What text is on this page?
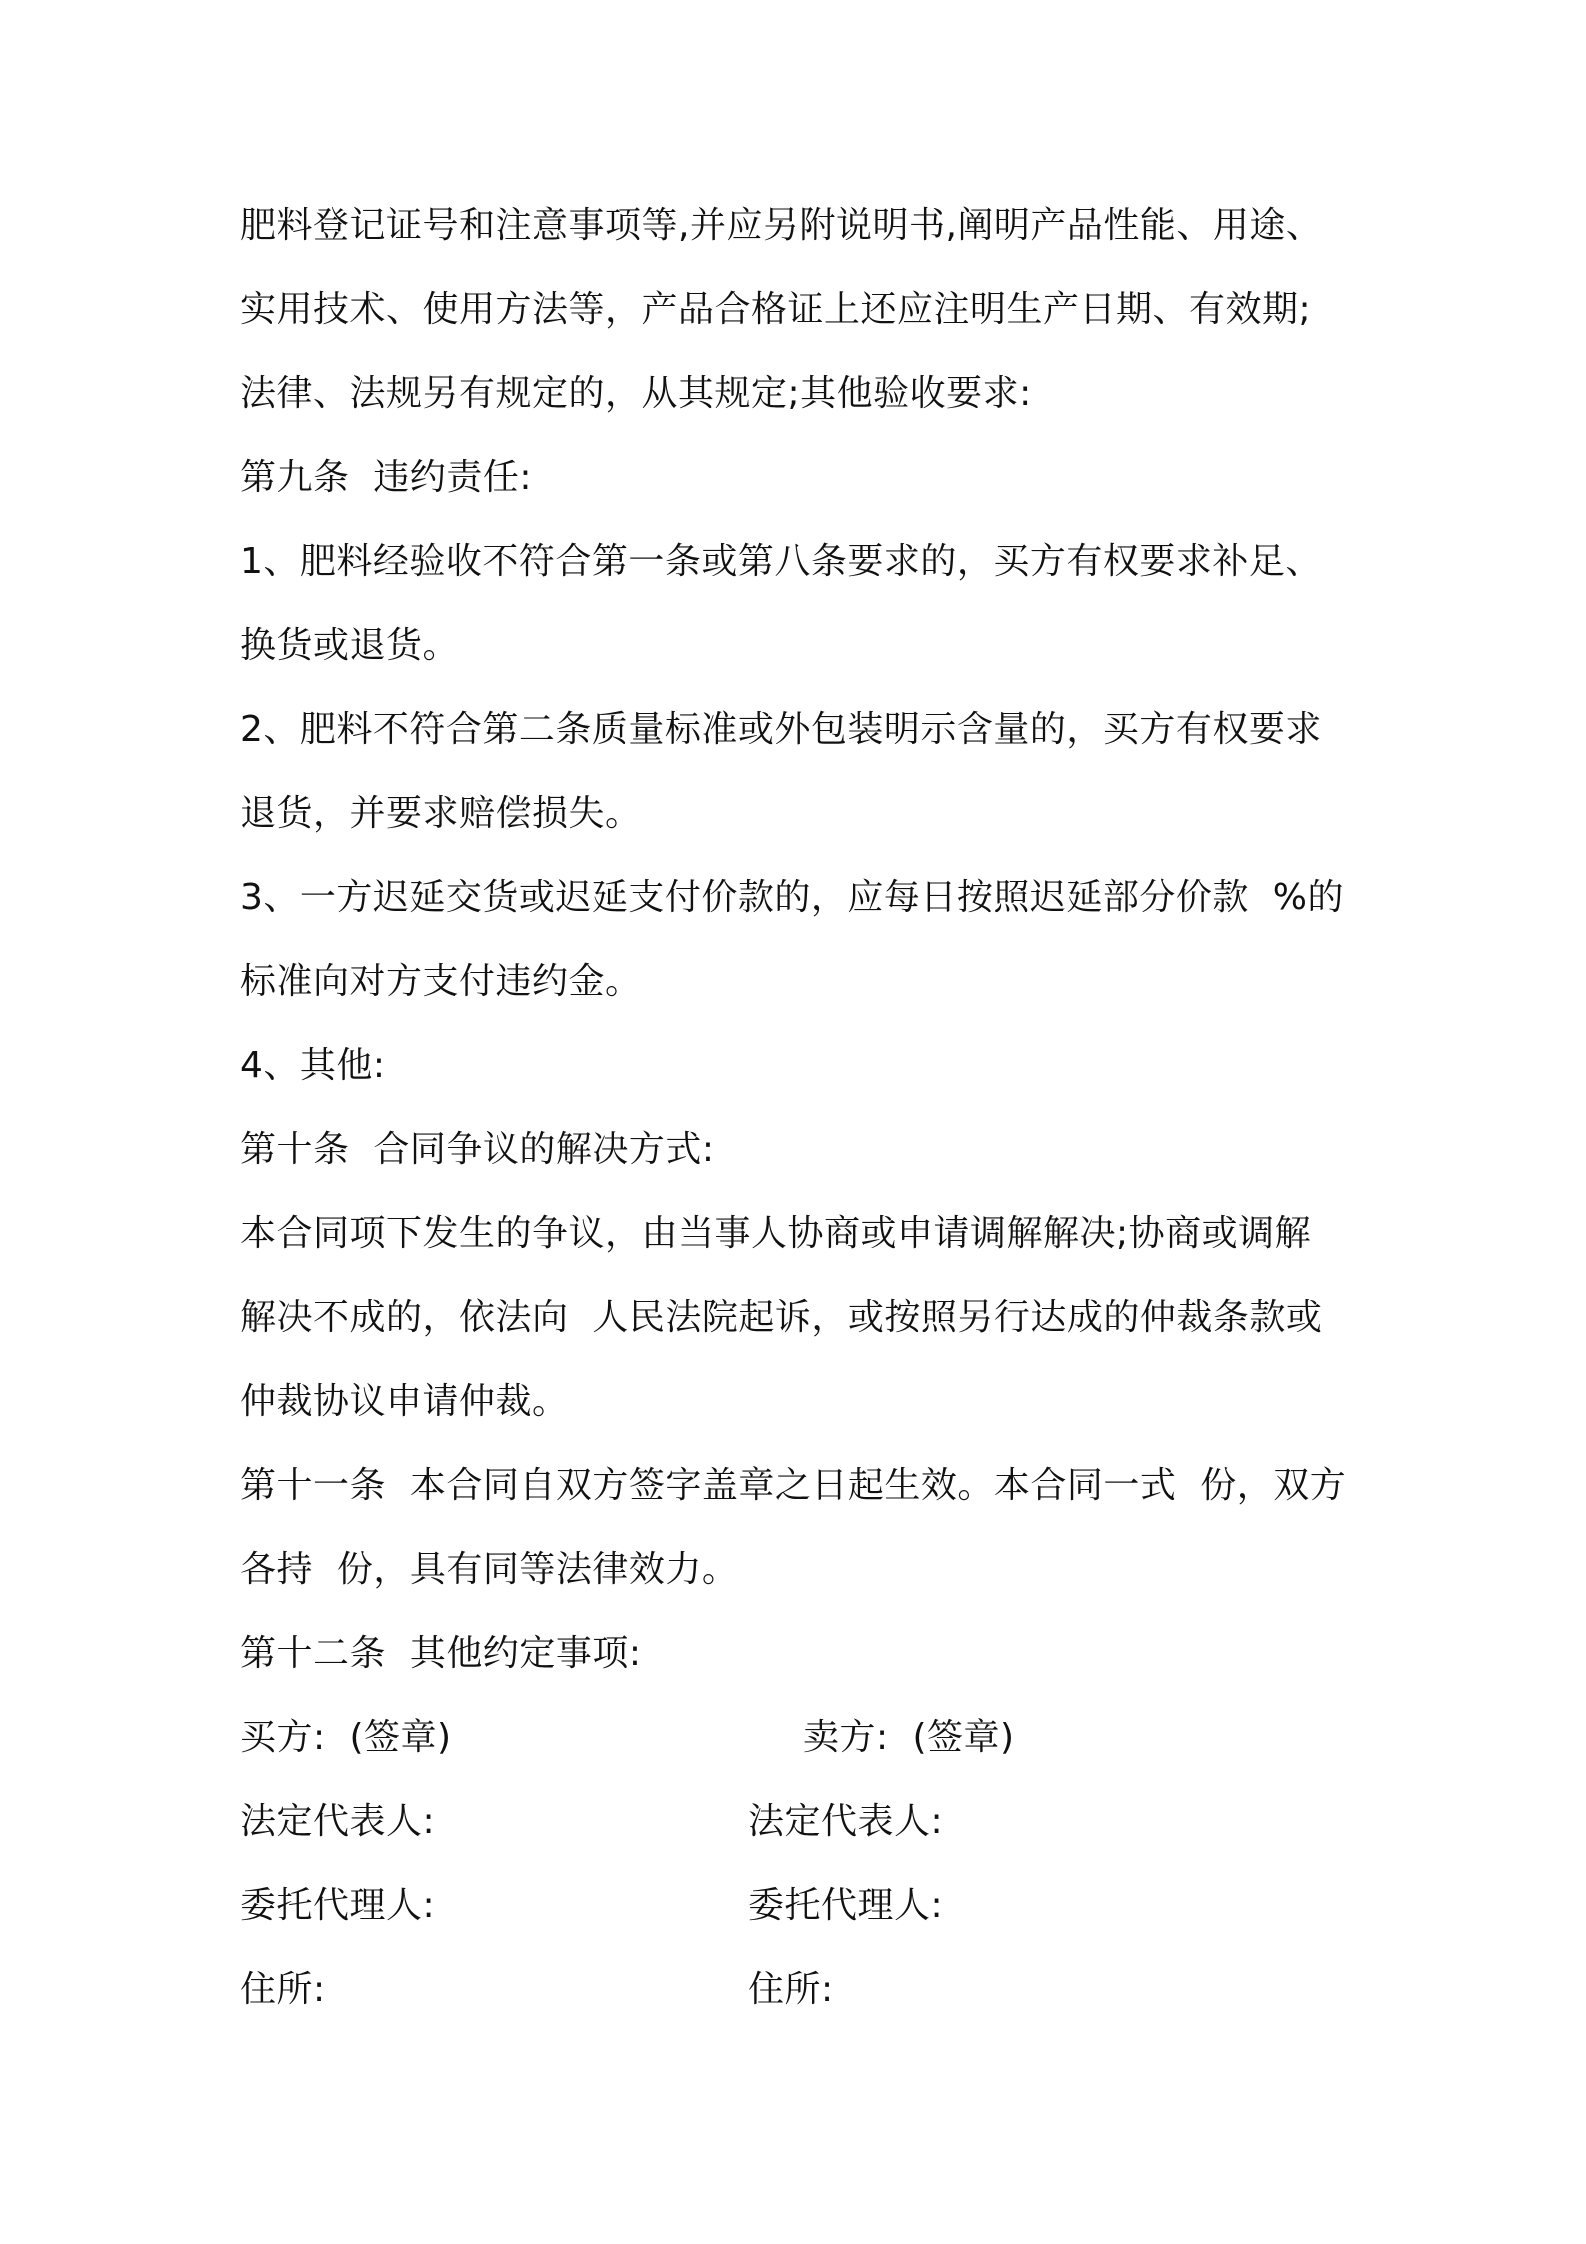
肥料登记证号和注意事项等,并应另附说明书,阐明产品性能、用途、
实用技术、使用方法等，产品合格证上还应注明生产日期、有效期;
法律、法规另有规定的，从其规定;其他验收要求:
第九条  违约责任:
1、肥料经验收不符合第一条或第八条要求的，买方有权要求补足、
换货或退货。
2、肥料不符合第二条质量标准或外包装明示含量的，买方有权要求
退货，并要求赔偿损失。
3、一方迟延交货或迟延支付价款的，应每日按照迟延部分价款  %的
标准向对方支付违约金。
4、其他:
第十条  合同争议的解决方式:
本合同项下发生的争议，由当事人协商或申请调解解决;协商或调解
解决不成的，依法向  人民法院起诉，或按照另行达成的仲裁条款或
仲裁协议申请仲裁。
第十一条  本合同自双方签字盖章之日起生效。本合同一式  份，双方
各持  份，具有同等法律效力。
第十二条  其他约定事项:
买方:  (签章)	卖方:  (签章)
法定代表人:	法定代表人:
委托代理人:	委托代理人:
住所:	住所:
